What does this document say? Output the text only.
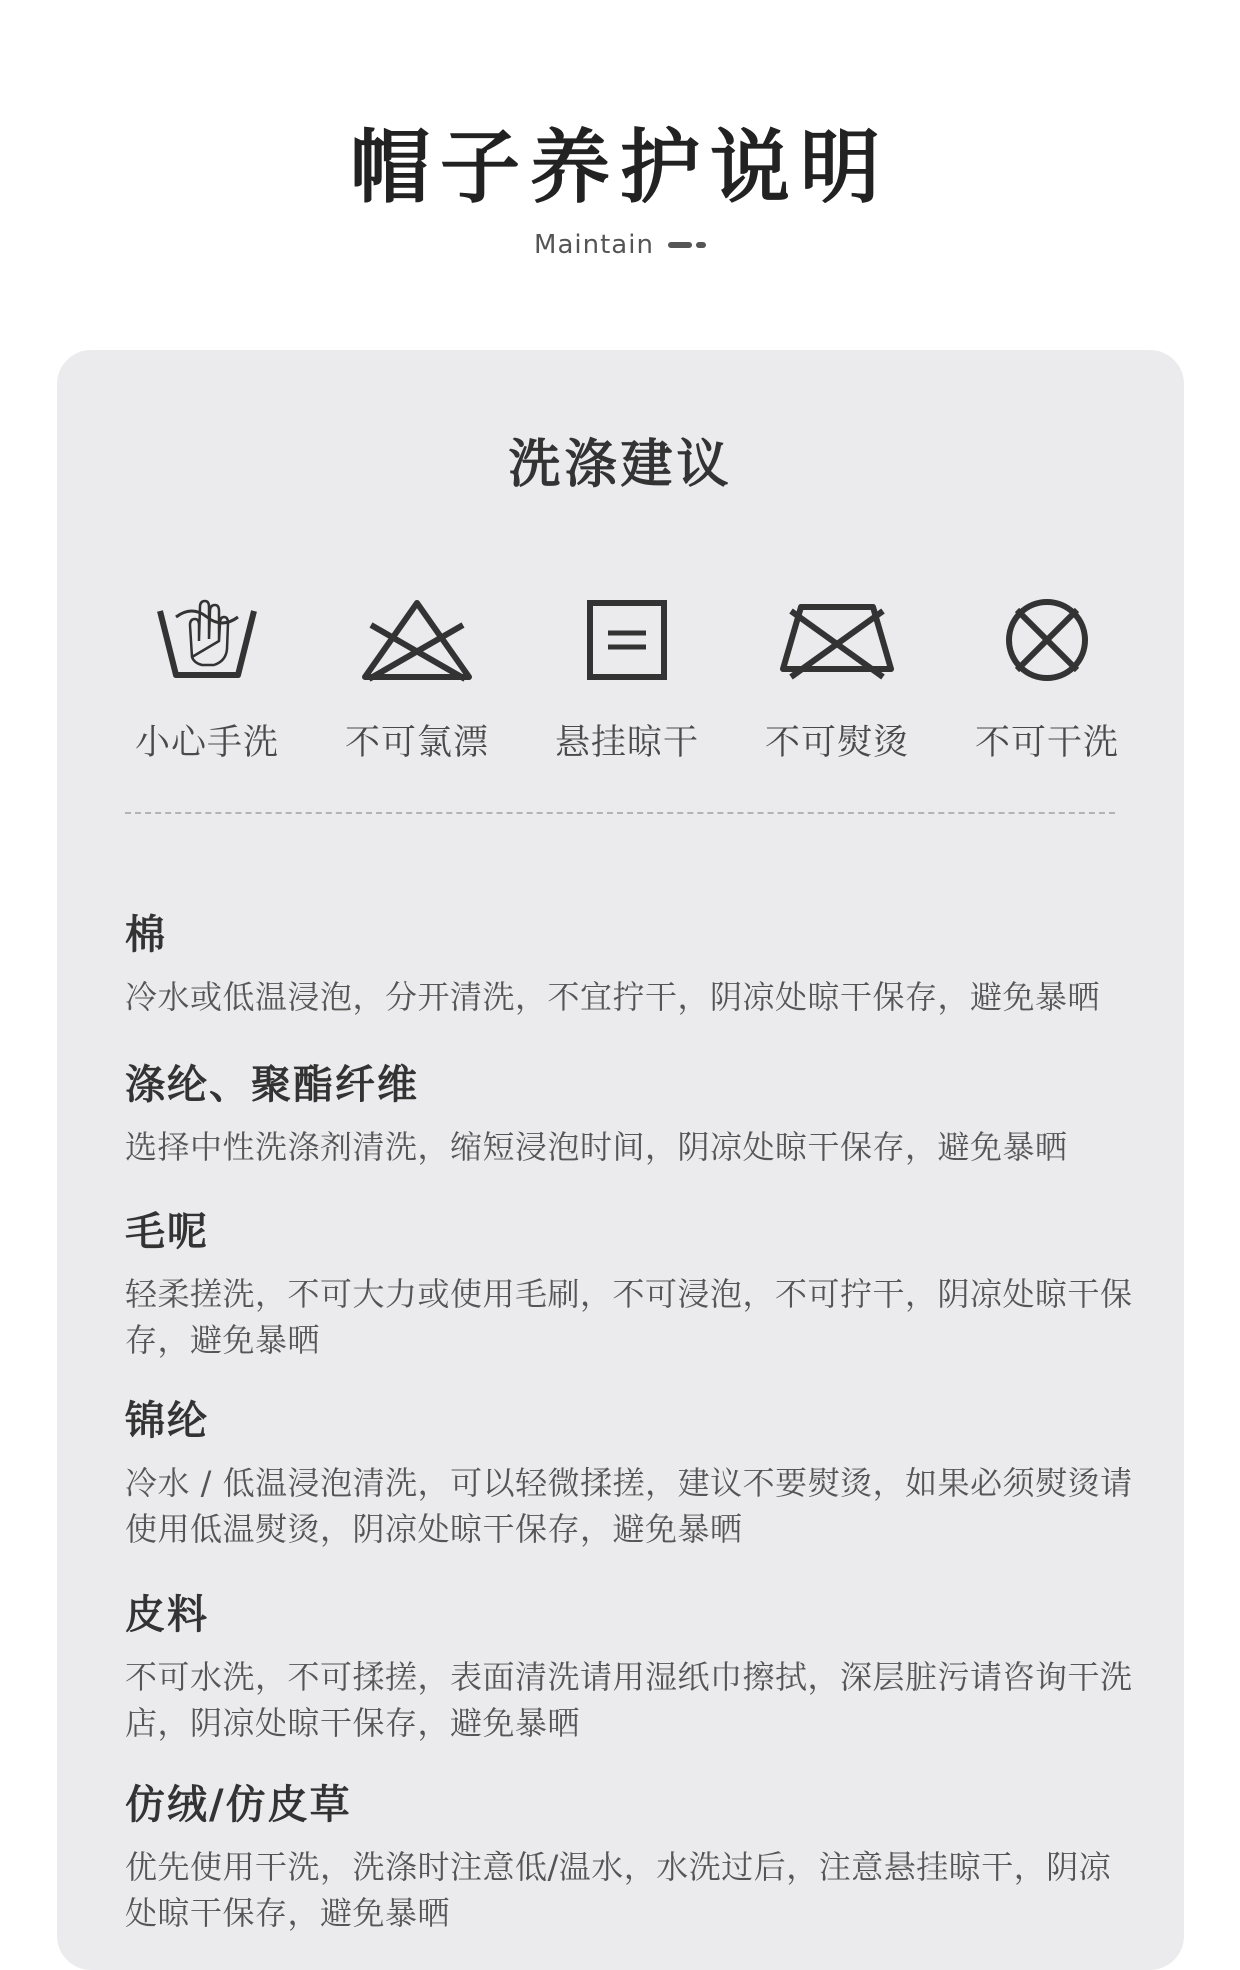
帽子养护说明
Maintain
洗涤建议
小心手洗	不可氯漂	悬挂晾干	不可熨烫	不可干洗
棉
冷水或低温浸泡，分开清洗，不宜拧干，阴凉处晾干保存，避免暴晒
涤纶、聚酯纤维
选择中性洗涤剂清洗，缩短浸泡时间，阴凉处晾干保存，避免暴晒
毛呢
轻柔搓洗，不可大力或使用毛刷，不可浸泡，不可拧干，阴凉处晾干保存，避免暴晒
锦纶
冷水 / 低温浸泡清洗，可以轻微揉搓，建议不要熨烫，如果必须熨烫请使用低温熨烫，阴凉处晾干保存，避免暴晒
皮料
不可水洗，不可揉搓，表面清洗请用湿纸巾擦拭，深层脏污请咨询干洗店，阴凉处晾干保存，避免暴晒
仿绒/仿皮草
优先使用干洗，洗涤时注意低/温水，水洗过后，注意悬挂晾干，阴凉处晾干保存，避免暴晒
